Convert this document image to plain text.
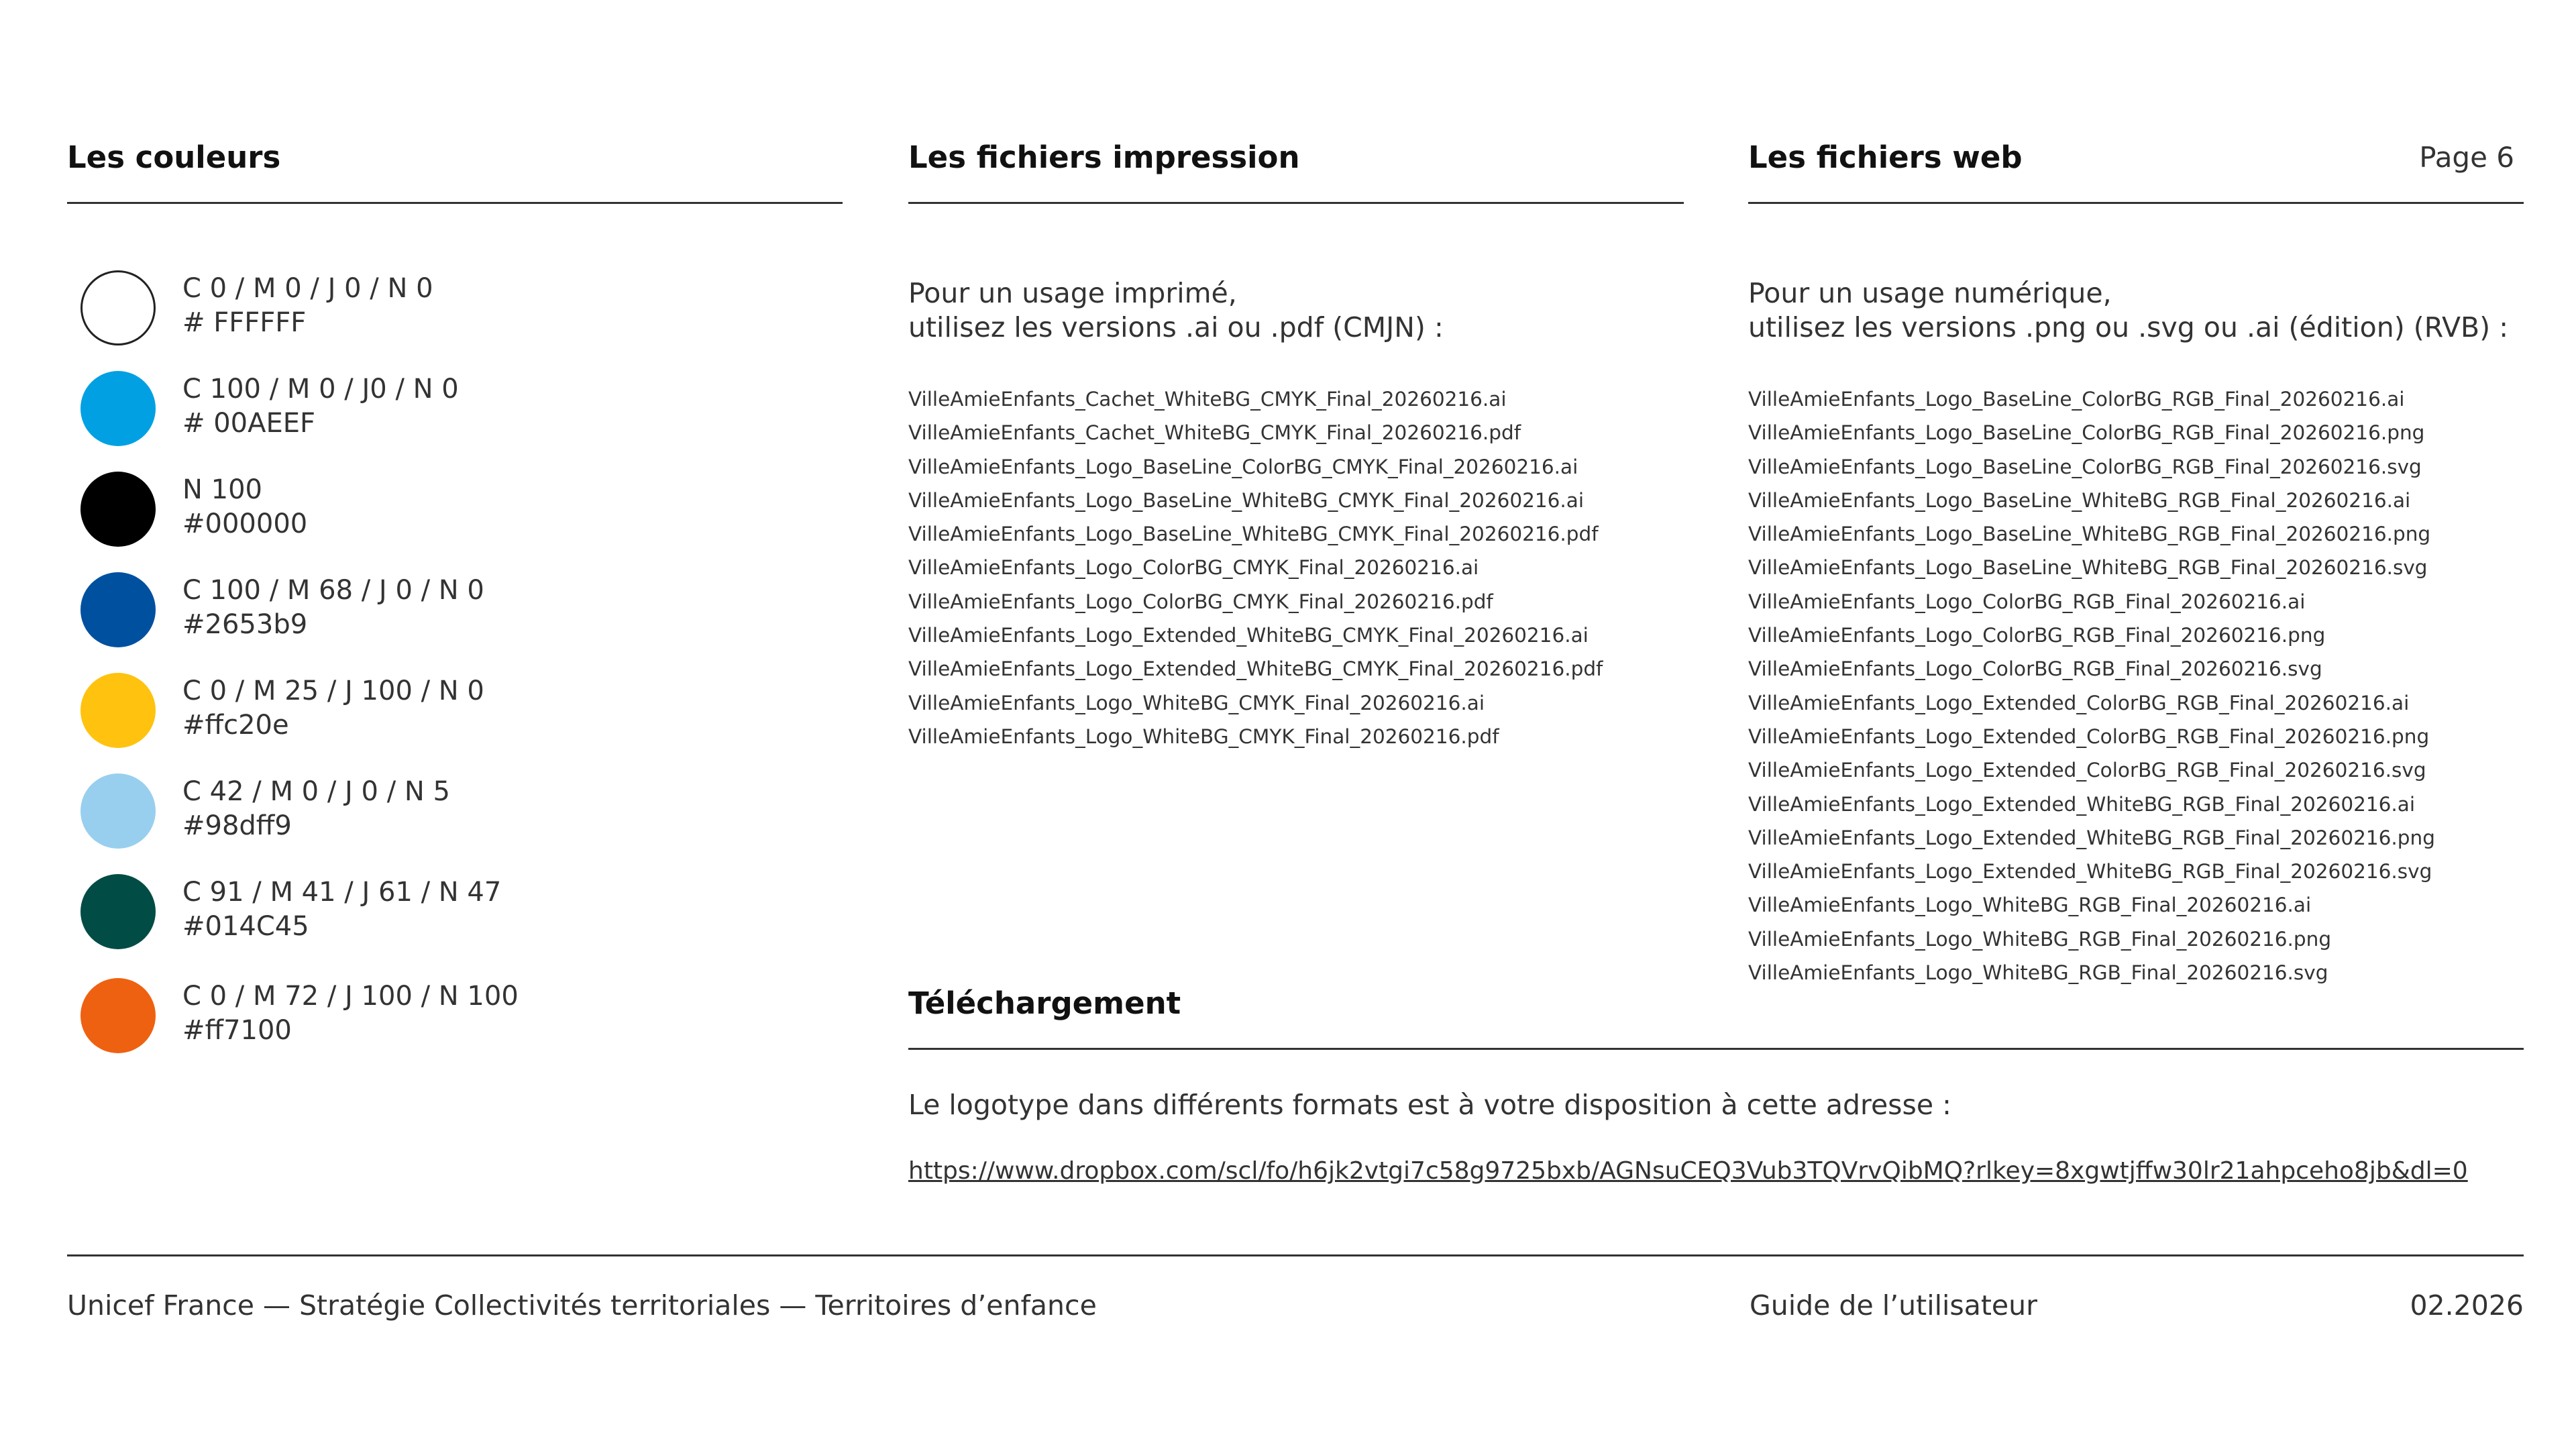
Les couleurs	Les fichiers impression	Les fichiers web	Page 6
C 0 / M 0 / J 0 / N 0
# FFFFFF
C 100 / M 0 / J0 / N 0
# 00AEEF
N 100
#000000
C 100 / M 68 / J 0 / N 0
#2653b9
C 0 / M 25 / J 100 / N 0
#ffc20e
C 42 / M 0 / J 0 / N 5
#98dff9
C 91 / M 41 / J 61 / N 47
#014C45
C 0 / M 72 / J 100 / N 100
#ff7100
Pour un usage imprimé,
utilisez les versions .ai ou .pdf (CMJN) :
VilleAmieEnfants_Cachet_WhiteBG_CMYK_Final_20260216.ai
VilleAmieEnfants_Cachet_WhiteBG_CMYK_Final_20260216.pdf
VilleAmieEnfants_Logo_BaseLine_ColorBG_CMYK_Final_20260216.ai
VilleAmieEnfants_Logo_BaseLine_WhiteBG_CMYK_Final_20260216.ai
VilleAmieEnfants_Logo_BaseLine_WhiteBG_CMYK_Final_20260216.pdf
VilleAmieEnfants_Logo_ColorBG_CMYK_Final_20260216.ai
VilleAmieEnfants_Logo_ColorBG_CMYK_Final_20260216.pdf
VilleAmieEnfants_Logo_Extended_WhiteBG_CMYK_Final_20260216.ai
VilleAmieEnfants_Logo_Extended_WhiteBG_CMYK_Final_20260216.pdf
VilleAmieEnfants_Logo_WhiteBG_CMYK_Final_20260216.ai
VilleAmieEnfants_Logo_WhiteBG_CMYK_Final_20260216.pdf
Pour un usage numérique,
utilisez les versions .png ou .svg ou .ai (édition) (RVB) :
VilleAmieEnfants_Logo_BaseLine_ColorBG_RGB_Final_20260216.ai
VilleAmieEnfants_Logo_BaseLine_ColorBG_RGB_Final_20260216.png
VilleAmieEnfants_Logo_BaseLine_ColorBG_RGB_Final_20260216.svg
VilleAmieEnfants_Logo_BaseLine_WhiteBG_RGB_Final_20260216.ai
VilleAmieEnfants_Logo_BaseLine_WhiteBG_RGB_Final_20260216.png
VilleAmieEnfants_Logo_BaseLine_WhiteBG_RGB_Final_20260216.svg
VilleAmieEnfants_Logo_ColorBG_RGB_Final_20260216.ai
VilleAmieEnfants_Logo_ColorBG_RGB_Final_20260216.png
VilleAmieEnfants_Logo_ColorBG_RGB_Final_20260216.svg
VilleAmieEnfants_Logo_Extended_ColorBG_RGB_Final_20260216.ai
VilleAmieEnfants_Logo_Extended_ColorBG_RGB_Final_20260216.png
VilleAmieEnfants_Logo_Extended_ColorBG_RGB_Final_20260216.svg
VilleAmieEnfants_Logo_Extended_WhiteBG_RGB_Final_20260216.ai
VilleAmieEnfants_Logo_Extended_WhiteBG_RGB_Final_20260216.png
VilleAmieEnfants_Logo_Extended_WhiteBG_RGB_Final_20260216.svg
VilleAmieEnfants_Logo_WhiteBG_RGB_Final_20260216.ai
VilleAmieEnfants_Logo_WhiteBG_RGB_Final_20260216.png
VilleAmieEnfants_Logo_WhiteBG_RGB_Final_20260216.svg
Téléchargement
Le logotype dans différents formats est à votre disposition à cette adresse :
https://www.dropbox.com/scl/fo/h6jk2vtgi7c58g9725bxb/AGNsuCEQ3Vub3TQVrvQibMQ?rlkey=8xgwtjffw30lr21ahpceho8jb&dl=0
Unicef France — Stratégie Collectivités territoriales — Territoires d’enfance	Guide de l’utilisateur	02.2026
